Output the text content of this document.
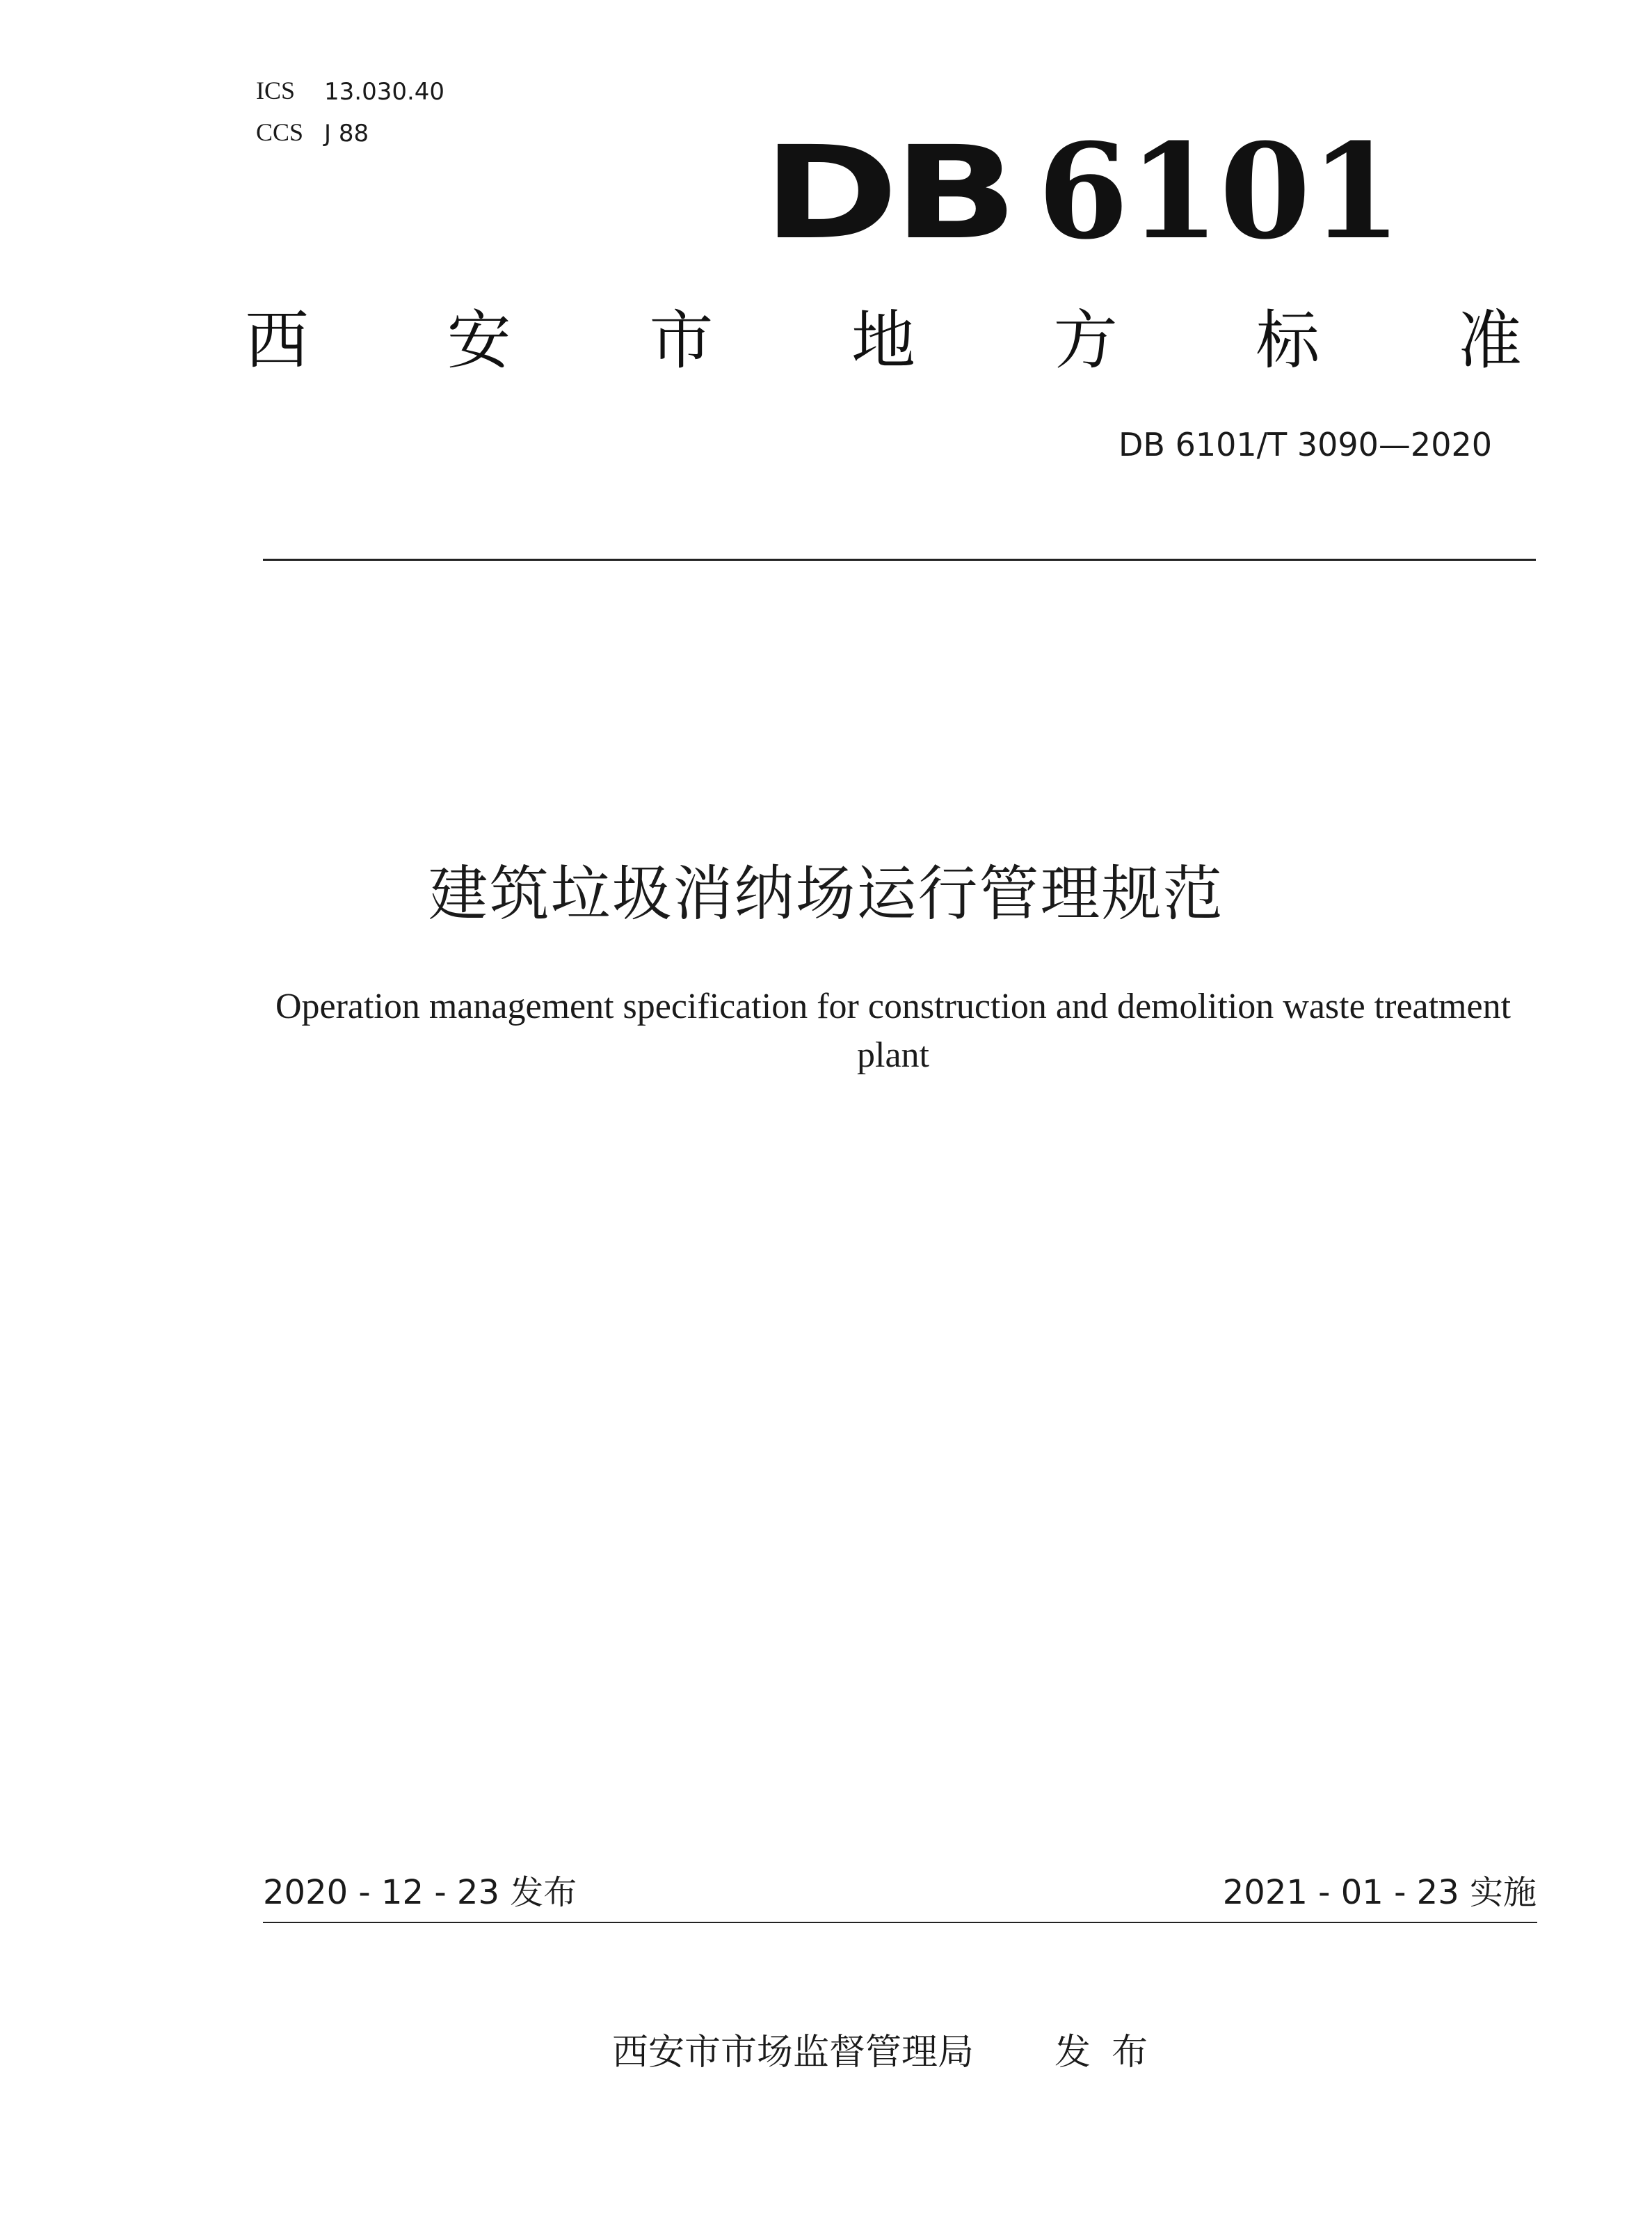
ICS 13.030.40
CCS J 88	DB 6101
西 安 市 地 方 标 准
DB 6101/T 3090—2020
建筑垃圾消纳场运行管理规范
Operation management specification for construction and demolition waste treatment plant
2020 - 12 - 23 发布	2021 - 01 - 23 实施
西安市市场监督管理局 发布
